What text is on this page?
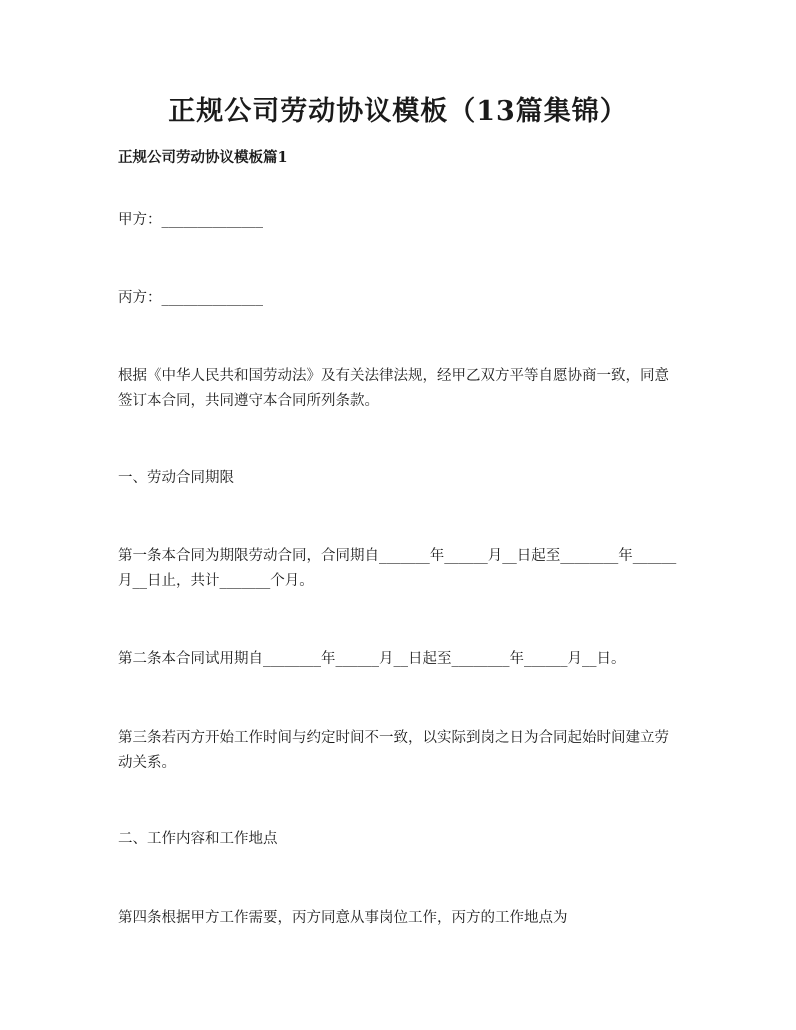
正规公司劳动协议模板（13篇集锦）
正规公司劳动协议模板篇1

甲方：______________

丙方：______________

根据《中华人民共和国劳动法》及有关法律法规，经甲乙双方平等自愿协商一致，同意签订本合同，共同遵守本合同所列条款。

一、劳动合同期限

第一条本合同为期限劳动合同，合同期自_______年______月__日起至________年______月__日止，共计_______个月。

第二条本合同试用期自________年______月__日起至________年______月__日。

第三条若丙方开始工作时间与约定时间不一致，以实际到岗之日为合同起始时间建立劳动关系。

二、工作内容和工作地点

第四条根据甲方工作需要，丙方同意从事岗位工作，丙方的工作地点为
